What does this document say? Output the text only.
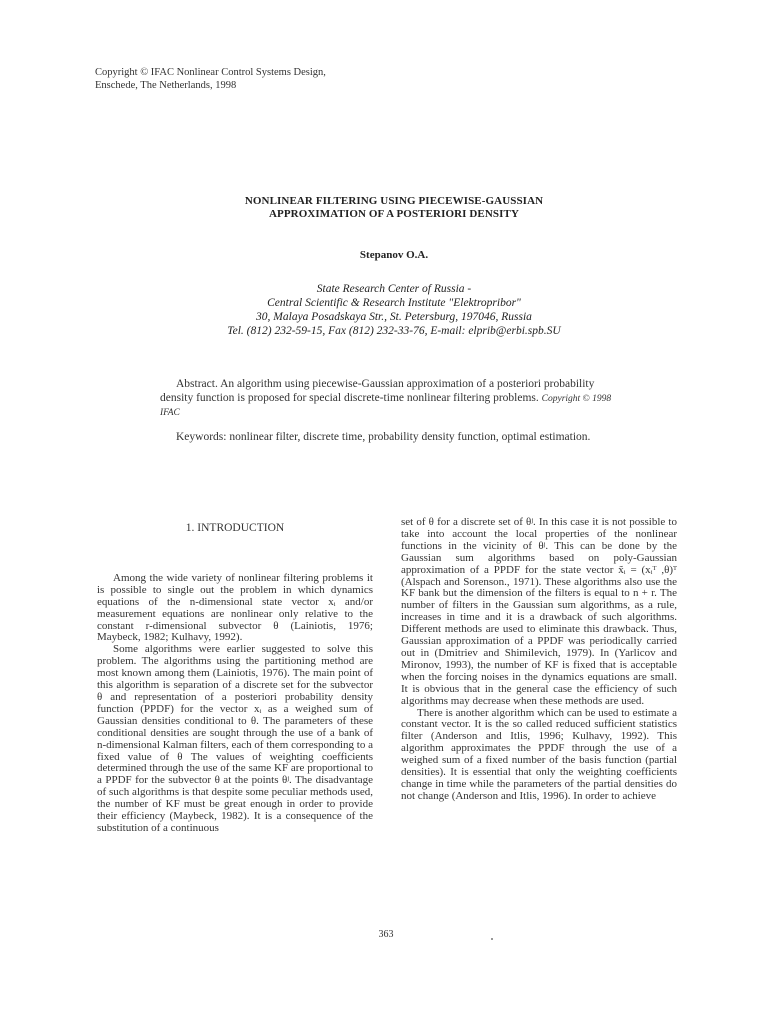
Copyright © IFAC Nonlinear Control Systems Design,
Enschede, The Netherlands, 1998
NONLINEAR FILTERING USING PIECEWISE-GAUSSIAN
APPROXIMATION OF A POSTERIORI DENSITY
Stepanov O.A.
State Research Center of Russia -
Central Scientific & Research Institute "Elektropribor"
30, Malaya Posadskaya Str., St. Petersburg, 197046, Russia
Tel. (812) 232-59-15, Fax (812) 232-33-76, E-mail: elprib@erbi.spb.SU
Abstract. An algorithm using piecewise-Gaussian approximation of a posteriori probability density function is proposed for special discrete-time nonlinear filtering problems. Copyright © 1998 IFAC
Keywords: nonlinear filter, discrete time, probability density function, optimal estimation.
1. INTRODUCTION

Among the wide variety of nonlinear filtering problems it is possible to single out the problem in which dynamics equations of the n-dimensional state vector xᵢ and/or measurement equations are nonlinear only relative to the constant r-dimensional subvector θ (Lainiotis, 1976; Maybeck, 1982; Kulhavy, 1992).

Some algorithms were earlier suggested to solve this problem. The algorithms using the partitioning method are most known among them (Lainiotis, 1976). The main point of this algorithm is separation of a discrete set for the subvector θ and representation of a posteriori probability density function (PPDF) for the vector xᵢ as a weighed sum of Gaussian densities conditional to θ. The parameters of these conditional densities are sought through the use of a bank of n-dimensional Kalman filters, each of them corresponding to a fixed value of θ The values of weighting coefficients determined through the use of the same KF are proportional to a PPDF for the subvector θ at the points θʲ. The disadvantage of such algorithms is that despite some peculiar methods used, the number of KF must be great enough in order to provide their efficiency (Maybeck, 1982). It is a consequence of the substitution of a continuous

set of θ for a discrete set of θʲ. In this case it is not possible to take into account the local properties of the nonlinear functions in the vicinity of θʲ. This can be done by the Gaussian sum algorithms based on poly-Gaussian approximation of a PPDF for the state vector x̃ᵢ = (xᵢᵀ ,θ)ᵀ (Alspach and Sorenson., 1971). These algorithms also use the KF bank but the dimension of the filters is equal to n + r. The number of filters in the Gaussian sum algorithms, as a rule, increases in time and it is a drawback of such algorithms. Different methods are used to eliminate this drawback. Thus, Gaussian approximation of a PPDF was periodically carried out in (Dmitriev and Shimilevich, 1979). In (Yarlicov and Mironov, 1993), the number of KF is fixed that is acceptable when the forcing noises in the dynamics equations are small. It is obvious that in the general case the efficiency of such algorithms may decrease when these methods are used.

There is another algorithm which can be used to estimate a constant vector. It is the so called reduced sufficient statistics filter (Anderson and Itlis, 1996; Kulhavy, 1992). This algorithm approximates the PPDF through the use of a weighed sum of a fixed number of the basis function (partial densities). It is essential that only the weighting coefficients change in time while the parameters of the partial densities do not change (Anderson and Itlis, 1996). In order to achieve

363
